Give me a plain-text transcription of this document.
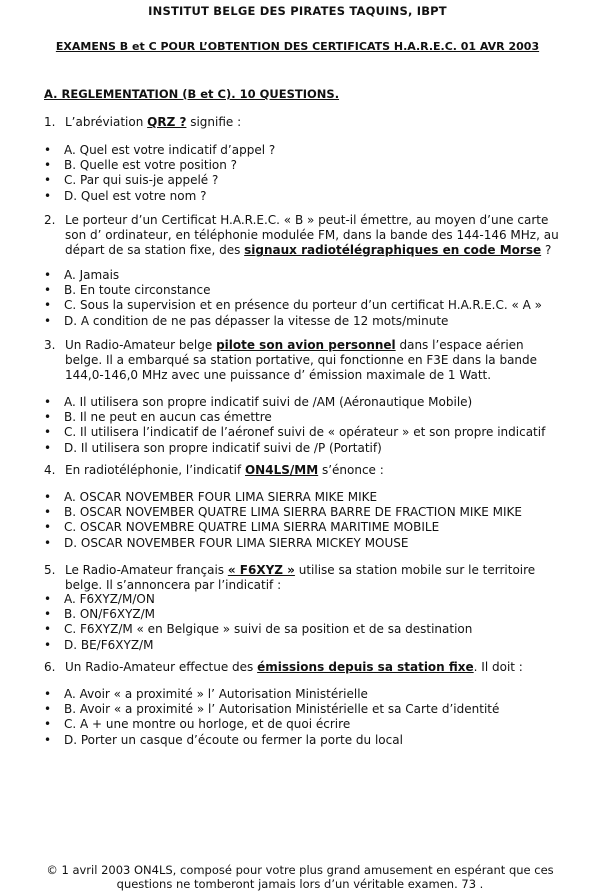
INSTITUT BELGE DES PIRATES TAQUINS, IBPT
EXAMENS B et C POUR L’OBTENTION DES CERTIFICATS H.A.R.E.C. 01 AVR 2003
A. REGLEMENTATION (B et C). 10 QUESTIONS.
1. L’abréviation QRZ ? signifie :
• A. Quel est votre indicatif d’appel ?
• B. Quelle est votre position ?
• C. Par qui suis-je appelé ?
• D. Quel est votre nom ?
2. Le porteur d’un Certificat H.A.R.E.C. « B » peut-il émettre, au moyen d’une carte son d’ ordinateur, en téléphonie modulée FM, dans la bande des 144-146 MHz, au départ de sa station fixe, des signaux radiotélégraphiques en code Morse ?
• A. Jamais
• B. En toute circonstance
• C. Sous la supervision et en présence du porteur d’un certificat H.A.R.E.C. « A »
• D. A condition de ne pas dépasser la vitesse de 12 mots/minute
3. Un Radio-Amateur belge pilote son avion personnel dans l’espace aérien belge. Il a embarqué sa station portative, qui fonctionne en F3E dans la bande 144,0-146,0 MHz avec une puissance d’ émission maximale de 1 Watt.
• A. Il utilisera son propre indicatif suivi de /AM (Aéronautique Mobile)
• B. Il ne peut en aucun cas émettre
• C. Il utilisera l’indicatif de l’aéronef suivi de « opérateur » et son propre indicatif
• D. Il utilisera son propre indicatif suivi de /P (Portatif)
4. En radiotéléphonie, l’indicatif ON4LS/MM s’énonce :
• A. OSCAR NOVEMBER FOUR LIMA SIERRA MIKE MIKE
• B. OSCAR NOVEMBER QUATRE LIMA SIERRA BARRE DE FRACTION MIKE MIKE
• C. OSCAR NOVEMBRE QUATRE LIMA SIERRA MARITIME MOBILE
• D. OSCAR NOVEMBER FOUR LIMA SIERRA MICKEY MOUSE
5. Le Radio-Amateur français « F6XYZ » utilise sa station mobile sur le territoire belge. Il s’annoncera par l’indicatif :
• A. F6XYZ/M/ON
• B. ON/F6XYZ/M
• C. F6XYZ/M « en Belgique » suivi de sa position et de sa destination
• D. BE/F6XYZ/M
6. Un Radio-Amateur effectue des émissions depuis sa station fixe. Il doit :
• A. Avoir « a proximité » l’ Autorisation Ministérielle
• B. Avoir « a proximité » l’ Autorisation Ministérielle et sa Carte d’identité
• C. A + une montre ou horloge, et de quoi écrire
• D. Porter un casque d’écoute ou fermer la porte du local
© 1 avril 2003 ON4LS, composé pour votre plus grand amusement en espérant que ces
questions ne tomberont jamais lors d’un véritable examen. 73 .
